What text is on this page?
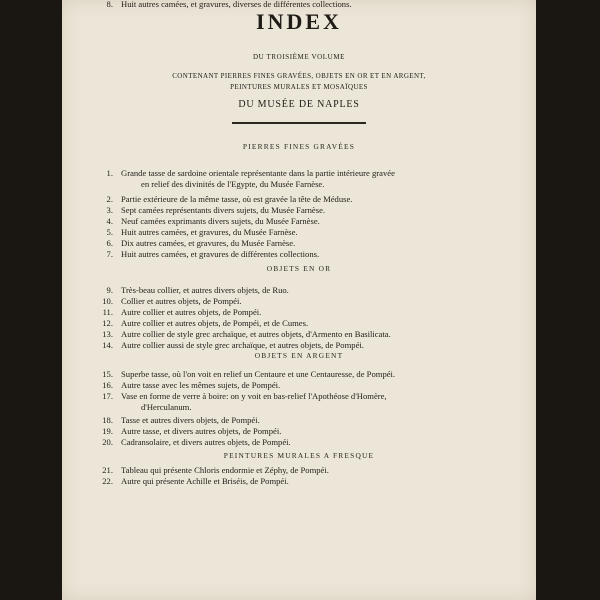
INDEX
DU TROISIÈME VOLUME
CONTENANT PIERRES FINES GRAVÉES, OBJETS EN OR ET EN ARGENT,
PEINTURES MURALES ET MOSAÏQUES
DU MUSÉE DE NAPLES
PIERRES FINES GRAVÉES
1. Grande tasse de sardoine orientale représentante dans la partie intérieure gravée
en relief des divinités de l'Egypte, du Musée Farnèse.
2. Partie extérieure de la même tasse, où est gravée la tête de Méduse.
3. Sept camées représentants divers sujets, du Musée Farnèse.
4. Neuf camées exprimants divers sujets, du Musée Farnèse.
5. Huit autres camées, et gravures, du Musée Farnèse.
6. Dix autres camées, et gravures, du Musée Farnèse.
7. Huit autres camées, et gravures de différentes collections.
8. Huit autres camées, et gravures, diverses de différentes collections.
OBJETS EN OR
9. Très-beau collier, et autres divers objets, de Ruo.
10. Collier et autres objets, de Pompéi.
11. Autre collier et autres objets, de Pompéi.
12. Autre collier et autres objets, de Pompéi, et de Cumes.
13. Autre collier de style grec archaïque, et autres objets, d'Armento en Basilicata.
14. Autre collier aussi de style grec archaïque, et autres objets, de Pompéi.
OBJETS EN ARGENT
15. Superbe tasse, où l'on voit en relief un Centaure et une Centauresse, de Pompéi.
16. Autre tasse avec les mêmes sujets, de Pompéi.
17. Vase en forme de verre à boire: on y voit en bas-relief l'Apothéose d'Homère,
d'Herculanum.
18. Tasse et autres divers objets, de Pompéi.
19. Autre tasse, et divers autres objets, de Pompéi.
20. Cadransolaire, et divers autres objets, de Pompéi.
PEINTURES MURALES A FRESQUE
21. Tableau qui présente Chloris endormie et Zéphy, de Pompéi.
22. Autre qui présente Achille et Briséis, de Pompéi.
